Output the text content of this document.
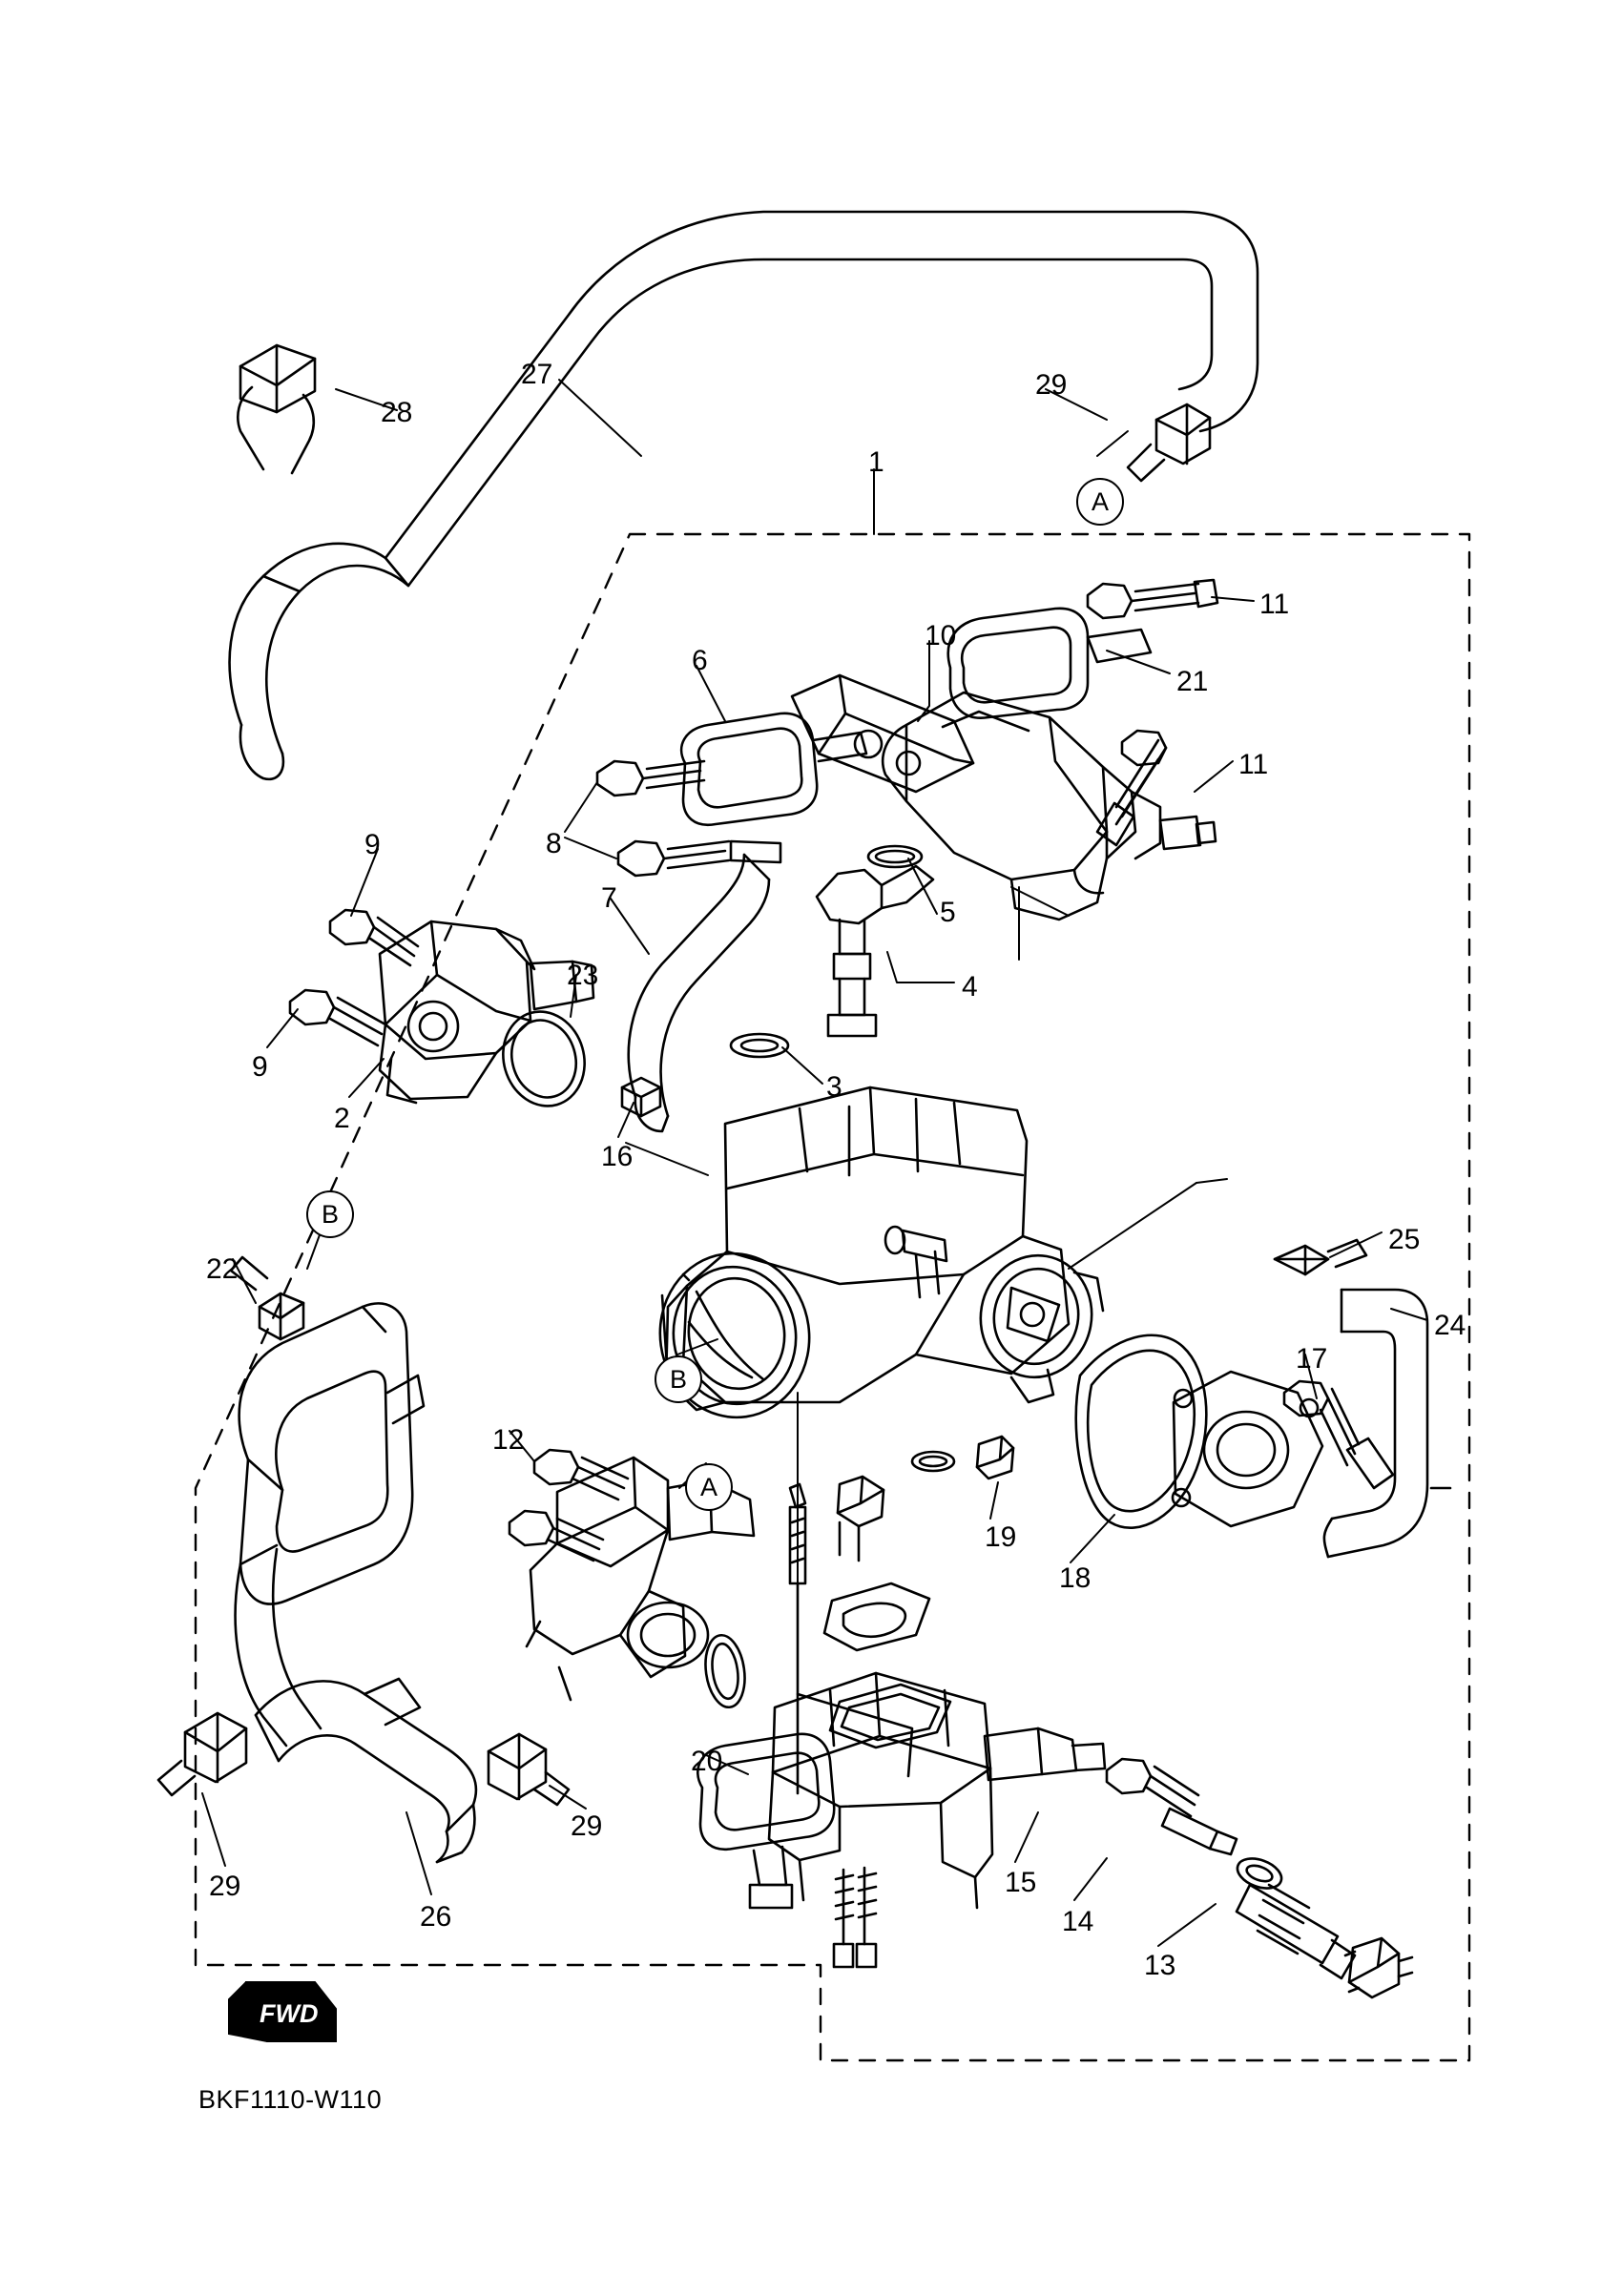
28
27	29
1
11
21
10
6
11
8
9
7	5
4
23
9
2
3
16
25
24
22
17
12
19
18
29
29
26
20
15
14
13
A
B
B
A
FWD
BKF1110-W110
